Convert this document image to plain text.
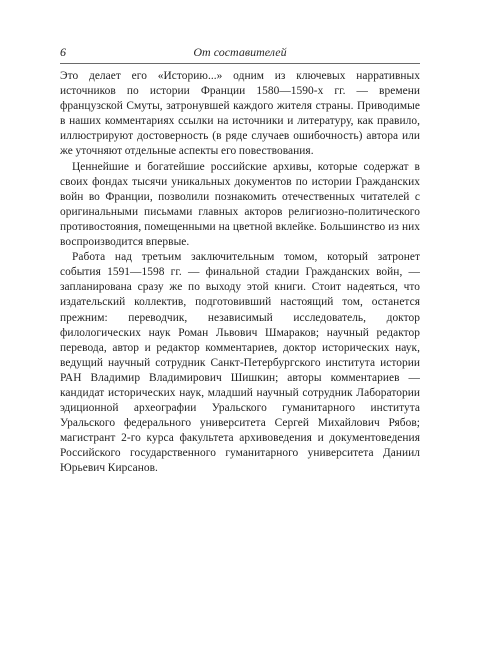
6	От составителей

Это делает его «Историю...» одним из ключевых нарративных источников по истории Франции 1580—1590-х гг. — времени французской Смуты, затронувшей каждого жителя страны. Приводимые в наших комментариях ссылки на источники и литературу, как правило, иллюстрируют достоверность (в ряде случаев ошибочность) автора или же уточняют отдельные аспекты его повествования.

Ценнейшие и богатейшие российские архивы, которые содержат в своих фондах тысячи уникальных документов по истории Гражданских войн во Франции, позволили познакомить отечественных читателей с оригинальными письмами главных акторов религиозно-политического противостояния, помещенными на цветной вклейке. Большинство из них воспроизводится впервые.

Работа над третьим заключительным томом, который затронет события 1591—1598 гг. — финальной стадии Гражданских войн, — запланирована сразу же по выходу этой книги. Стоит надеяться, что издательский коллектив, подготовивший настоящий том, останется прежним: переводчик, независимый исследователь, доктор филологических наук Роман Львович Шмараков; научный редактор перевода, автор и редактор комментариев, доктор исторических наук, ведущий научный сотрудник Санкт-Петербургского института истории РАН Владимир Владимирович Шишкин; авторы комментариев — кандидат исторических наук, младший научный сотрудник Лаборатории эдиционной археографии Уральского гуманитарного института Уральского федерального университета Сергей Михайлович Рябов; магистрант 2-го курса факультета архивоведения и документоведения Российского государственного гуманитарного университета Даниил Юрьевич Кирсанов.
